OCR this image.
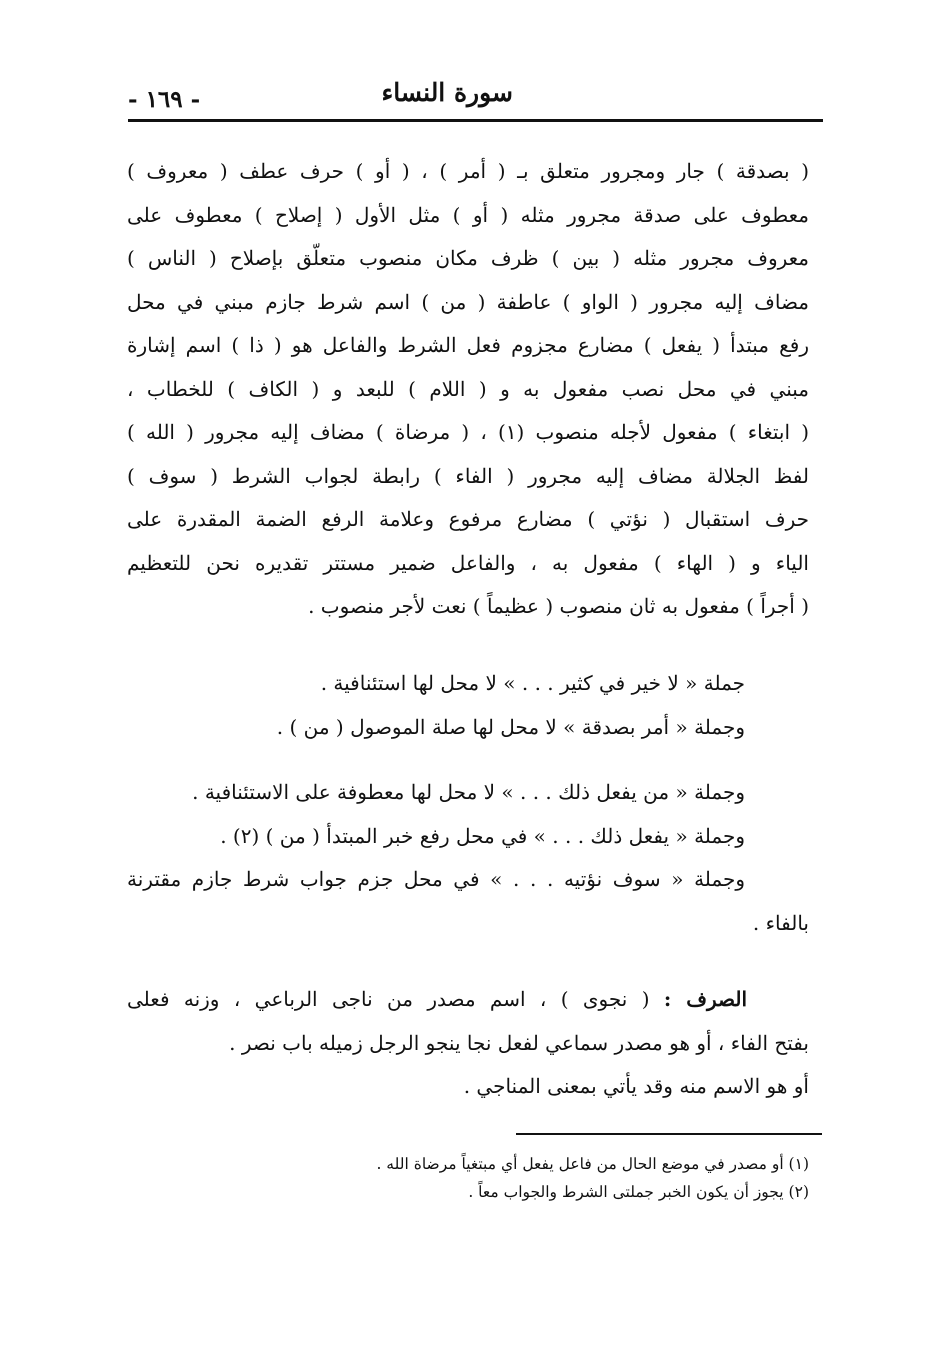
سورة النساء
- ١٦٩ -
( بصدقة ) جار ومجرور متعلق بـ ( أمر ) ، ( أو ) حرف عطف ( معروف )
معطوف على صدقة مجرور مثله ( أو ) مثل الأول ( إصلاح ) معطوف على
معروف مجرور مثله ( بين ) ظرف مكان منصوب متعلّق بإصلاح ( الناس )
مضاف إليه مجرور ( الواو ) عاطفة ( من ) اسم شرط جازم مبني في محل
رفع مبتدأ ( يفعل ) مضارع مجزوم فعل الشرط والفاعل هو ( ذا ) اسم إشارة
مبني في محل نصب مفعول به و ( اللام ) للبعد و ( الكاف ) للخطاب ،
( ابتغاء ) مفعول لأجله منصوب (١) ، ( مرضاة ) مضاف إليه مجرور ( الله )
لفظ الجلالة مضاف إليه مجرور ( الفاء ) رابطة لجواب الشرط ( سوف )
حرف استقبال ( نؤتي ) مضارع مرفوع وعلامة الرفع الضمة المقدرة على
الياء و ( الهاء ) مفعول به ، والفاعل ضمير مستتر تقديره نحن للتعظيم
( أجراً ) مفعول به ثان منصوب ( عظيماً ) نعت لأجر منصوب .
جملة « لا خير في كثير . . . » لا محل لها استئنافية .
وجملة « أمر بصدقة » لا محل لها صلة الموصول ( من ) .
وجملة « من يفعل ذلك . . . » لا محل لها معطوفة على الاستئنافية .
وجملة « يفعل ذلك . . . » في محل رفع خبر المبتدأ ( من ) (٢) .
وجملة « سوف نؤتيه . . . » في محل جزم جواب شرط جازم مقترنة
بالفاء .
الصرف : ( نجوى ) ، اسم مصدر من ناجى الرباعي ، وزنه فعلى
بفتح الفاء ، أو هو مصدر سماعي لفعل نجا ينجو الرجل زميله باب نصر .
أو هو الاسم منه وقد يأتي بمعنى المناجي .
(١) أو مصدر في موضع الحال من فاعل يفعل أي مبتغياً مرضاة الله .
(٢) يجوز أن يكون الخبر جملتى الشرط والجواب معاً .
